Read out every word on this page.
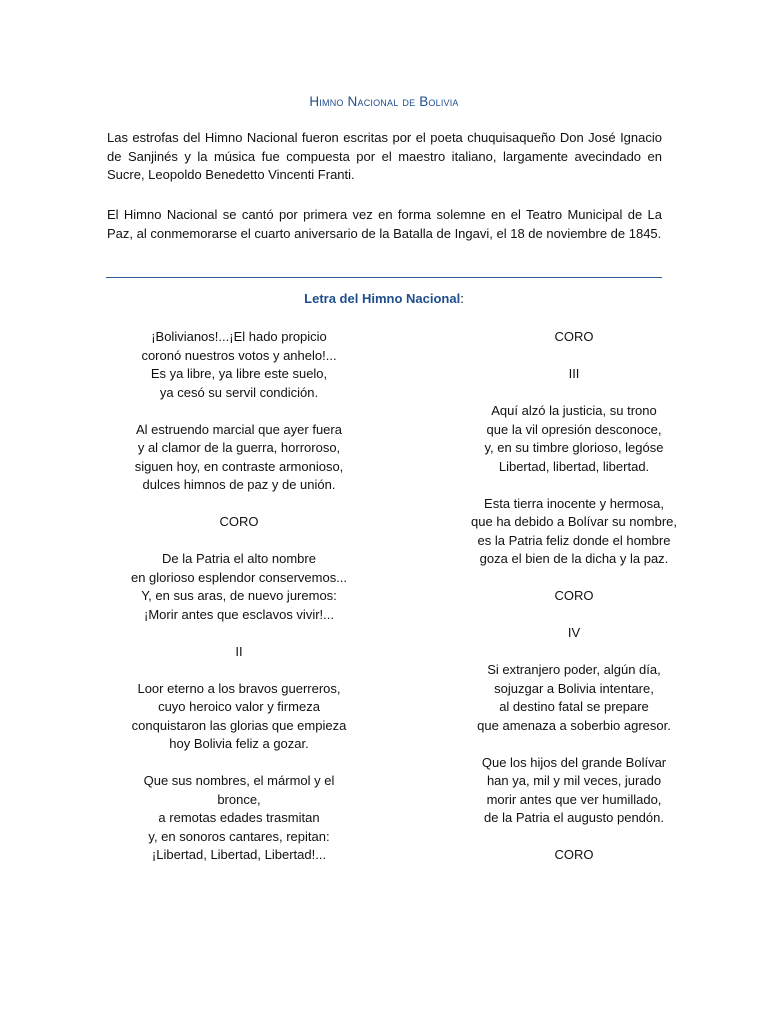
Himno Nacional de Bolivia

Las estrofas del Himno Nacional fueron escritas por el poeta chuquisaqueño Don José Ignacio de Sanjinés y la música fue compuesta por el maestro italiano, largamente avecindado en Sucre, Leopoldo Benedetto Vincenti Franti.

El Himno Nacional se cantó por primera vez en forma solemne en el Teatro Municipal de La Paz, al conmemorarse el cuarto aniversario de la Batalla de Ingavi, el 18 de noviembre de 1845.

Letra del Himno Nacional:
¡Bolivianos!...¡El hado propicio
coronó nuestros votos y anhelo!...
Es ya libre, ya libre este suelo,
ya cesó su servil condición.
Al estruendo marcial que ayer fuera
y al clamor de la guerra, horroroso,
siguen hoy, en contraste armonioso,
dulces himnos de paz y de unión.
CORO
De la Patria el alto nombre
en glorioso esplendor conservemos...
Y, en sus aras, de nuevo juremos:
¡Morir antes que esclavos vivir!...
II
Loor eterno a los bravos guerreros,
cuyo heroico valor y firmeza
conquistaron las glorias que empieza
hoy Bolivia feliz a gozar.
Que sus nombres, el mármol y el
bronce,
a remotas edades trasmitan
y, en sonoros cantares, repitan:
¡Libertad, Libertad, Libertad!...
CORO
III
Aquí alzó la justicia, su trono
que la vil opresión desconoce,
y, en su timbre glorioso, legóse
Libertad, libertad, libertad.
Esta tierra inocente y hermosa,
que ha debido a Bolívar su nombre,
es la Patria feliz donde el hombre
goza el bien de la dicha y la paz.
CORO
IV
Si extranjero poder, algún día,
sojuzgar a Bolivia intentare,
al destino fatal se prepare
que amenaza a soberbio agresor.
Que los hijos del grande Bolívar
han ya, mil y mil veces, jurado
morir antes que ver humillado,
de la Patria el augusto pendón.
CORO
